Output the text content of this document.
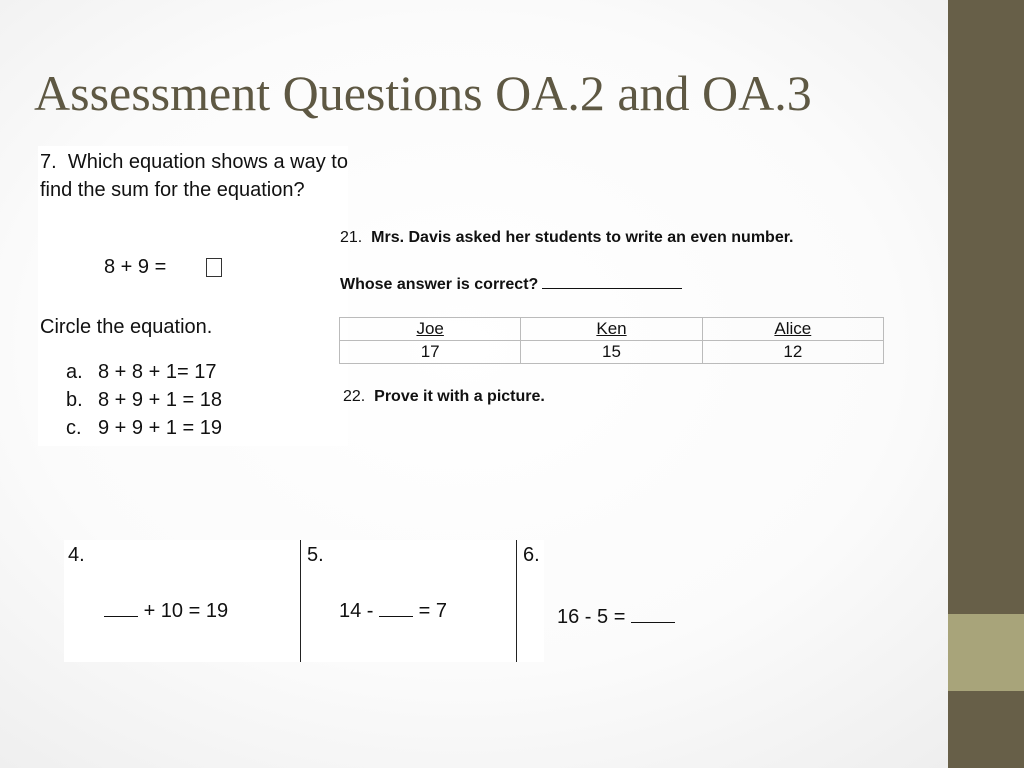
Assessment Questions OA.2 and OA.3

7. Which equation shows a way to find the sum for the equation?

8 + 9 =
Circle the equation.
a. 8 + 8 + 1= 17
b. 8 + 9 + 1 = 18
c. 9 + 9 + 1 = 19
21. Mrs. Davis asked her students to write an even number.
Whose answer is correct?
Joe	Ken	Alice
17	15	12
22. Prove it with a picture.
4.
+ 10 = 19
5.
14 - = 7
6.
16 - 5 =
